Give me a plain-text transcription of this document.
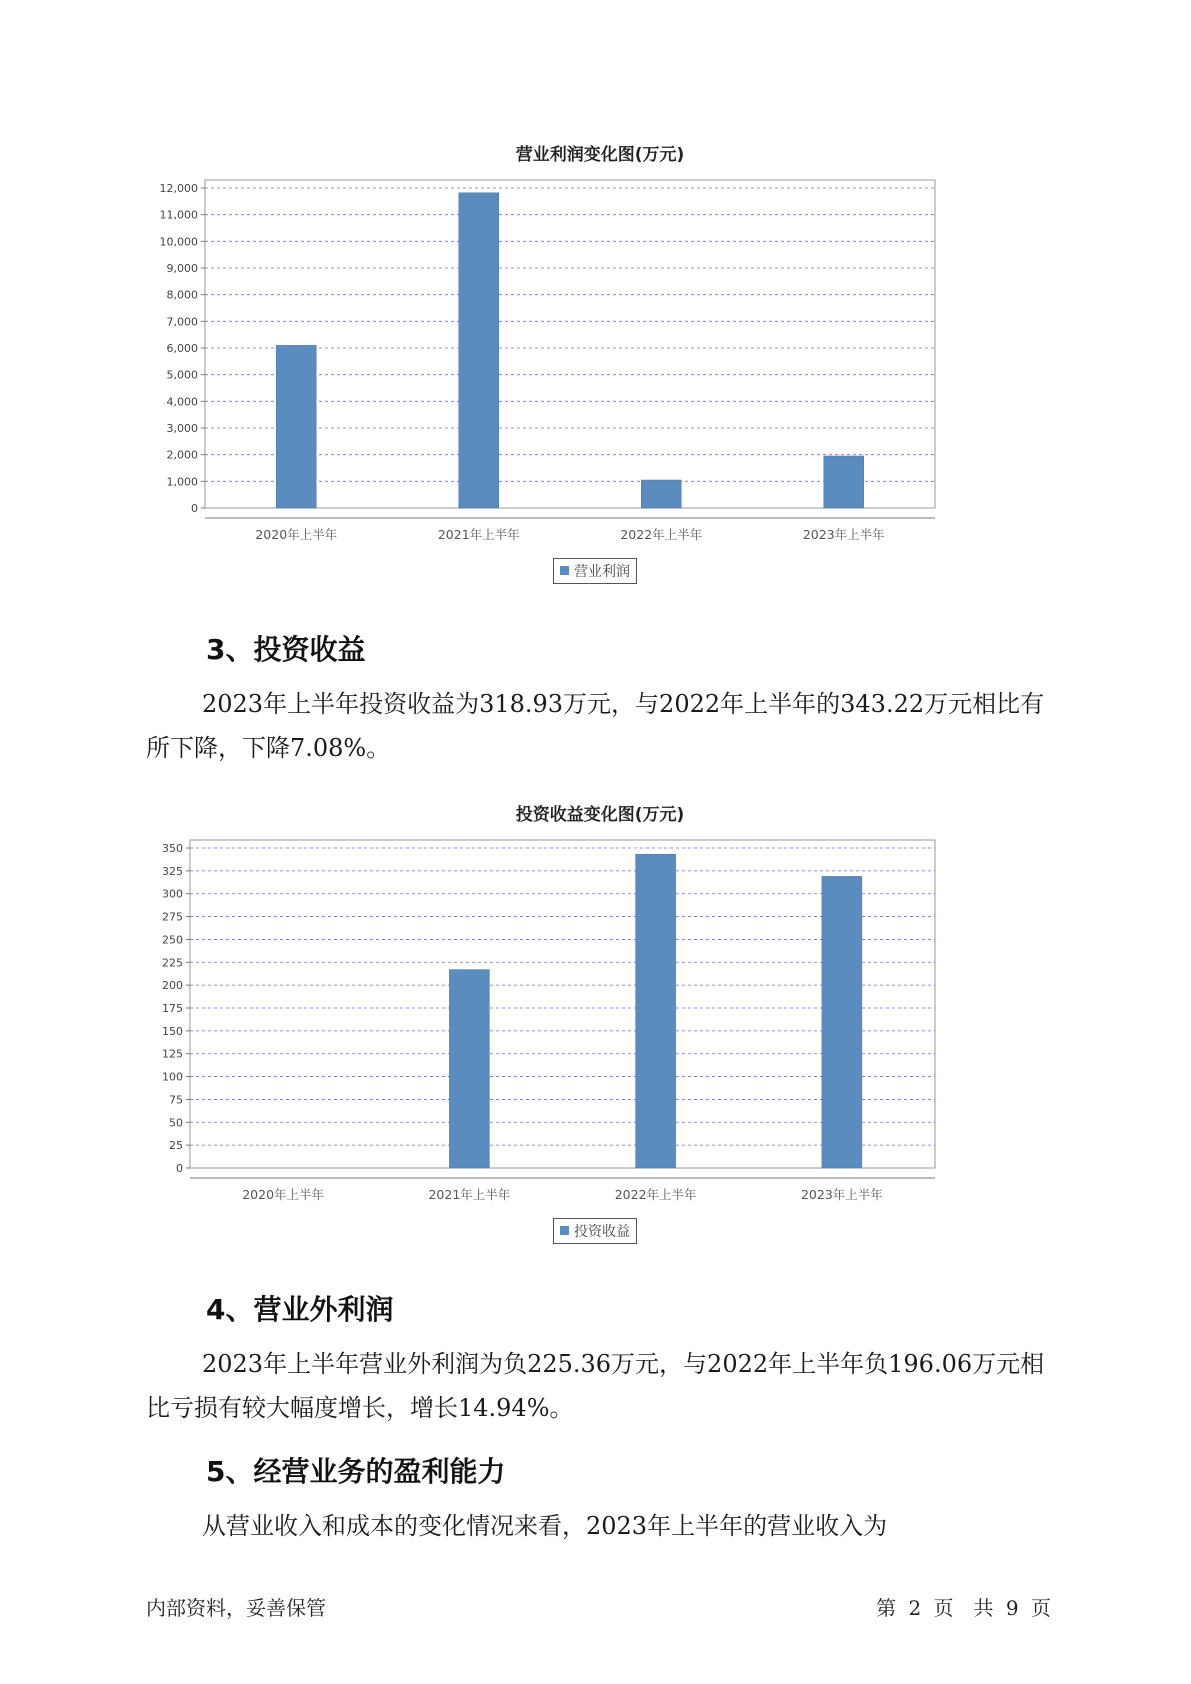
营业利润变化图(万元)
0
1,000
2,000
3,000
4,000
5,000
6,000
7,000
8,000
9,000
10,000
11,000
12,000
2020年上半年	2021年上半年	2022年上半年	2023年上半年
营业利润
3、投资收益

2023年上半年投资收益为318.93万元，与2022年上半年的343.22万元相比有所下降，下降7.08%。

投资收益变化图(万元)
0
25
50
75
100
125
150
175
200
225
250
275
300
325
350
2020年上半年	2021年上半年	2022年上半年	2023年上半年
投资收益
4、营业外利润

2023年上半年营业外利润为负225.36万元，与2022年上半年负196.06万元相比亏损有较大幅度增长，增长14.94%。

5、经营业务的盈利能力

从营业收入和成本的变化情况来看，2023年上半年的营业收入为

内部资料，妥善保管	第 2 页　共 9 页
